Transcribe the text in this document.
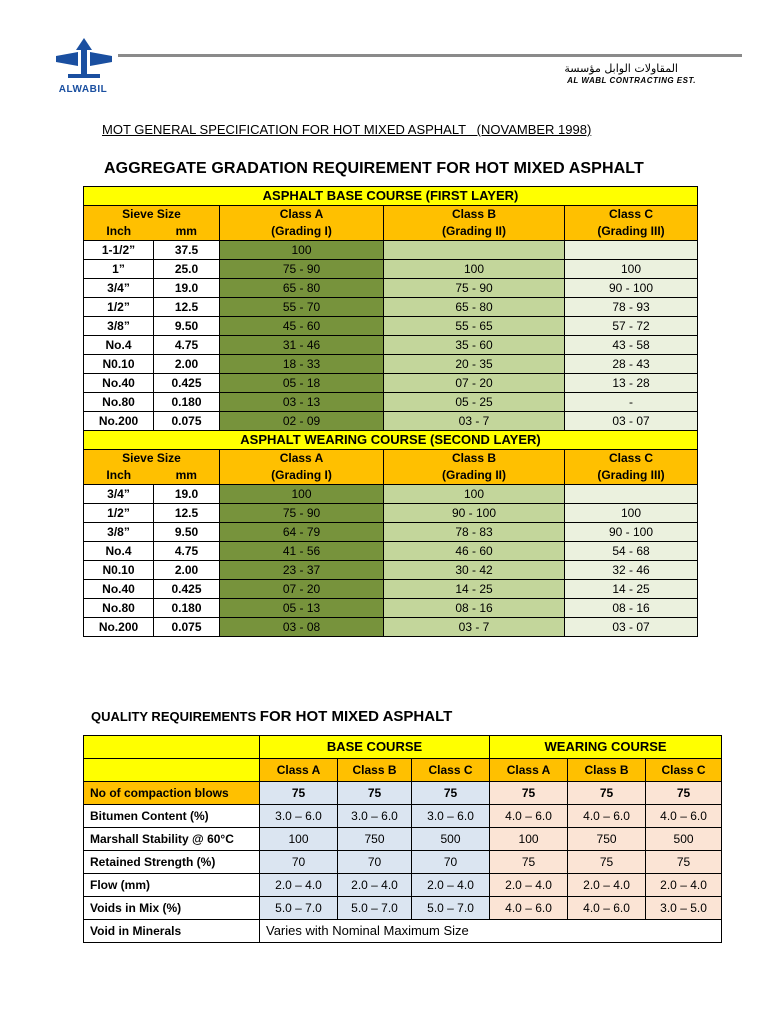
ALWABIL
المقاولات الوابل مؤسسة
AL WABL CONTRACTING EST.
MOT GENERAL SPECIFICATION FOR HOT MIXED ASPHALT   (NOVAMBER 1998)
AGGREGATE GRADATION REQUIREMENT FOR HOT MIXED ASPHALT
ASPHALT BASE COURSE (FIRST LAYER)				
Sieve Size		Class A	Class B	Class C
Inch	mm	(Grading I)	(Grading II)	(Grading III)
1-1/2”	37.5	100		
1”	25.0	75 - 90	100	100
3/4”	19.0	65 - 80	75 - 90	90 - 100
1/2”	12.5	55 - 70	65 - 80	78 - 93
3/8”	9.50	45 - 60	55 - 65	57 - 72
No.4	4.75	31 - 46	35 - 60	43 - 58
N0.10	2.00	18 - 33	20 - 35	28 - 43
No.40	0.425	05 - 18	07 - 20	13 - 28
No.80	0.180	03 - 13	05 - 25	-
No.200	0.075	02 - 09	03 - 7	03 - 07
ASPHALT WEARING COURSE (SECOND LAYER)				
Sieve Size		Class A	Class B	Class C
Inch	mm	(Grading I)	(Grading II)	(Grading III)
3/4”	19.0	100	100	
1/2”	12.5	75 - 90	90 - 100	100
3/8”	9.50	64 - 79	78 - 83	90 - 100
No.4	4.75	41 - 56	46 - 60	54 - 68
N0.10	2.00	23 - 37	30 - 42	32 - 46
No.40	0.425	07 - 20	14 - 25	14 - 25
No.80	0.180	05 - 13	08 - 16	08 - 16
No.200	0.075	03 - 08	03 - 7	03 - 07
QUALITY REQUIREMENTS FOR HOT MIXED ASPHALT
	BASE COURSE			WEARING COURSE		
	Class A	Class B	Class C	Class A	Class B	Class C
No of compaction blows	75	75	75	75	75	75
Bitumen Content (%)	3.0 – 6.0	3.0 – 6.0	3.0 – 6.0	4.0 – 6.0	4.0 – 6.0	4.0 – 6.0
Marshall Stability @ 60°C	100	750	500	100	750	500
Retained Strength (%)	70	70	70	75	75	75
Flow (mm)	2.0 – 4.0	2.0 – 4.0	2.0 – 4.0	2.0 – 4.0	2.0 – 4.0	2.0 – 4.0
Voids in Mix (%)	5.0 – 7.0	5.0 – 7.0	5.0 – 7.0	4.0 – 6.0	4.0 – 6.0	3.0 – 5.0
Void in Minerals	Varies with Nominal Maximum Size					
